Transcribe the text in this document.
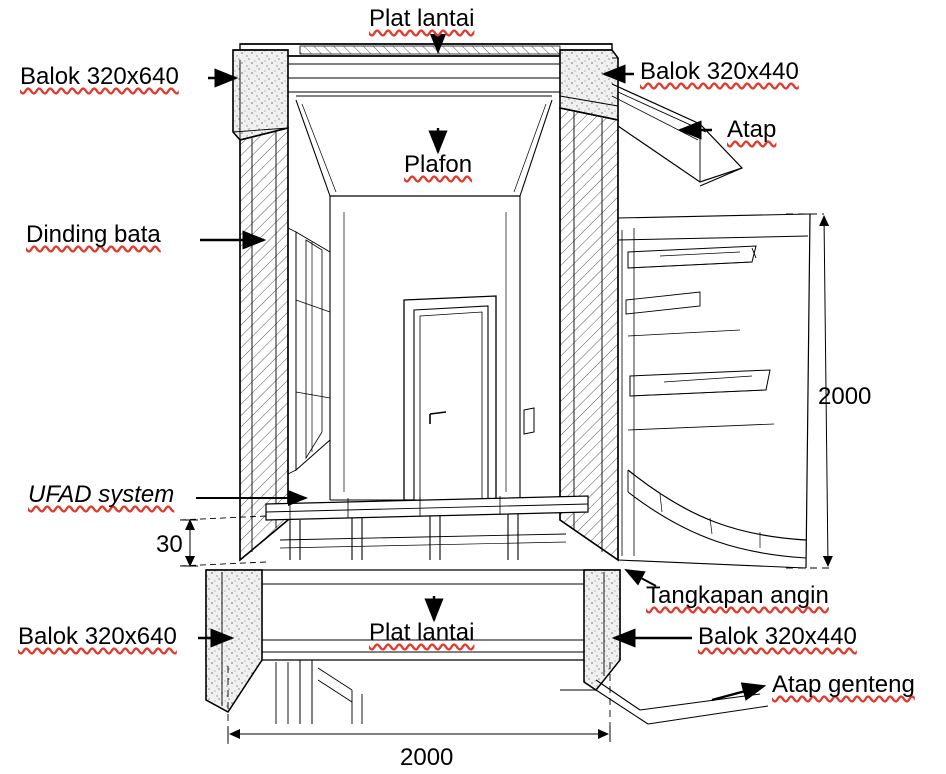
Plat lantai
Balok 320x640	Balok 320x440
Atap
Plafon
Dinding bata
UFAD system
Tangkapan angin
Balok 320x640	Plat lantai	Balok 320x440
Atap genteng
2000
2000
30
